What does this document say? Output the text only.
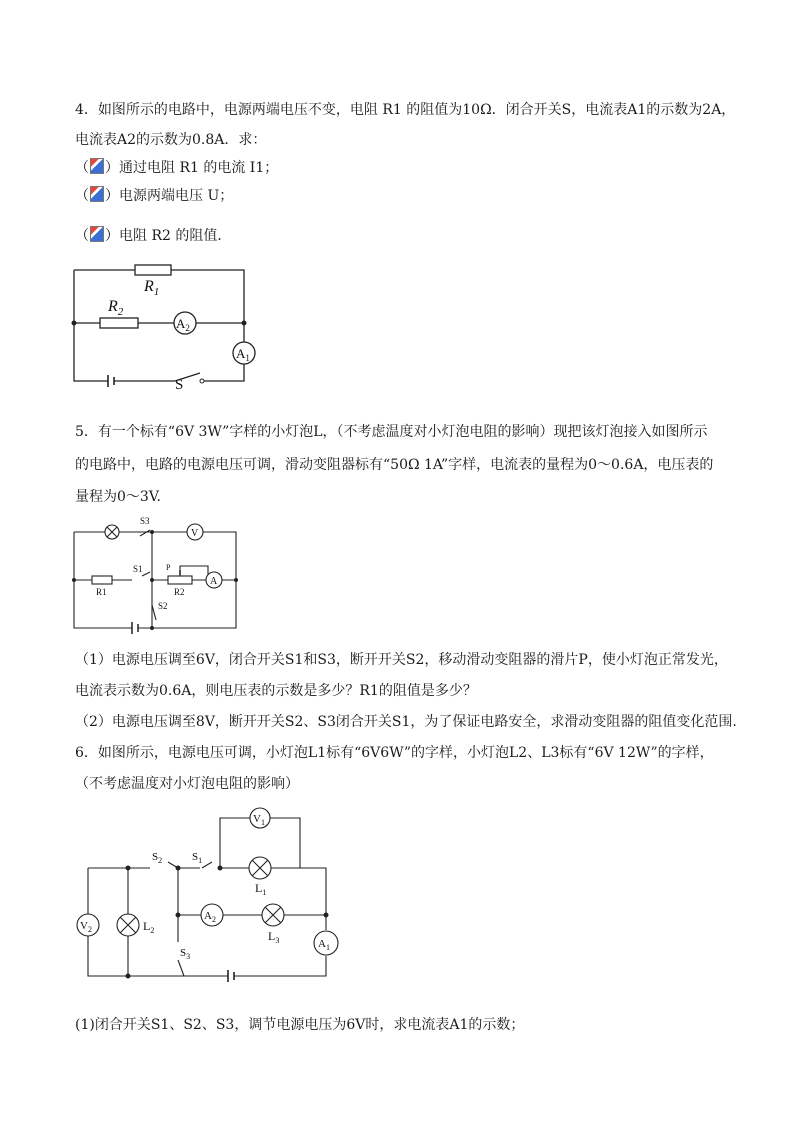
4．如图所示的电路中，电源两端电压不变，电阻 R1 的阻值为10Ω．闭合开关S，电流表A1的示数为2A，
电流表A2的示数为0.8A．求：
（ ）通过电阻 R1 的电流 I1；
（ ）电源两端电压 U；
（ ）电阻 R2 的阻值．
$R_1$
$R_2$
$A_2$
$A_1$
S
5．有一个标有“6V 3W”字样的小灯泡L，（不考虑温度对小灯泡电阻的影响）现把该灯泡接入如图所示
的电路中，电路的电源电压可调，滑动变阻器标有“50Ω 1A”字样，电流表的量程为0～0.6A，电压表的
量程为0～3V.
S3
V
S1	P
R2
A
R1
S2
（1）电源电压调至6V，闭合开关S1和S3，断开开关S2，移动滑动变阻器的滑片P，使小灯泡正常发光，
电流表示数为0.6A，则电压表的示数是多少？R1的阻值是多少？
（2）电源电压调至8V，断开开关S2、S3闭合开关S1，为了保证电路安全，求滑动变阻器的阻值变化范围.
6．如图所示，电源电压可调，小灯泡L1标有“6V6W”的字样，小灯泡L2、L3标有“6V 12W”的字样，
（不考虑温度对小灯泡电阻的影响）
$V_1$
$S_2$	$S_1$
$L_1$
$V_2$	$L_2$
$A_2$
$L_3$	$A_1$
$S_3$
(1)闭合开关S1、S2、S3，调节电源电压为6V时，求电流表A1的示数；
